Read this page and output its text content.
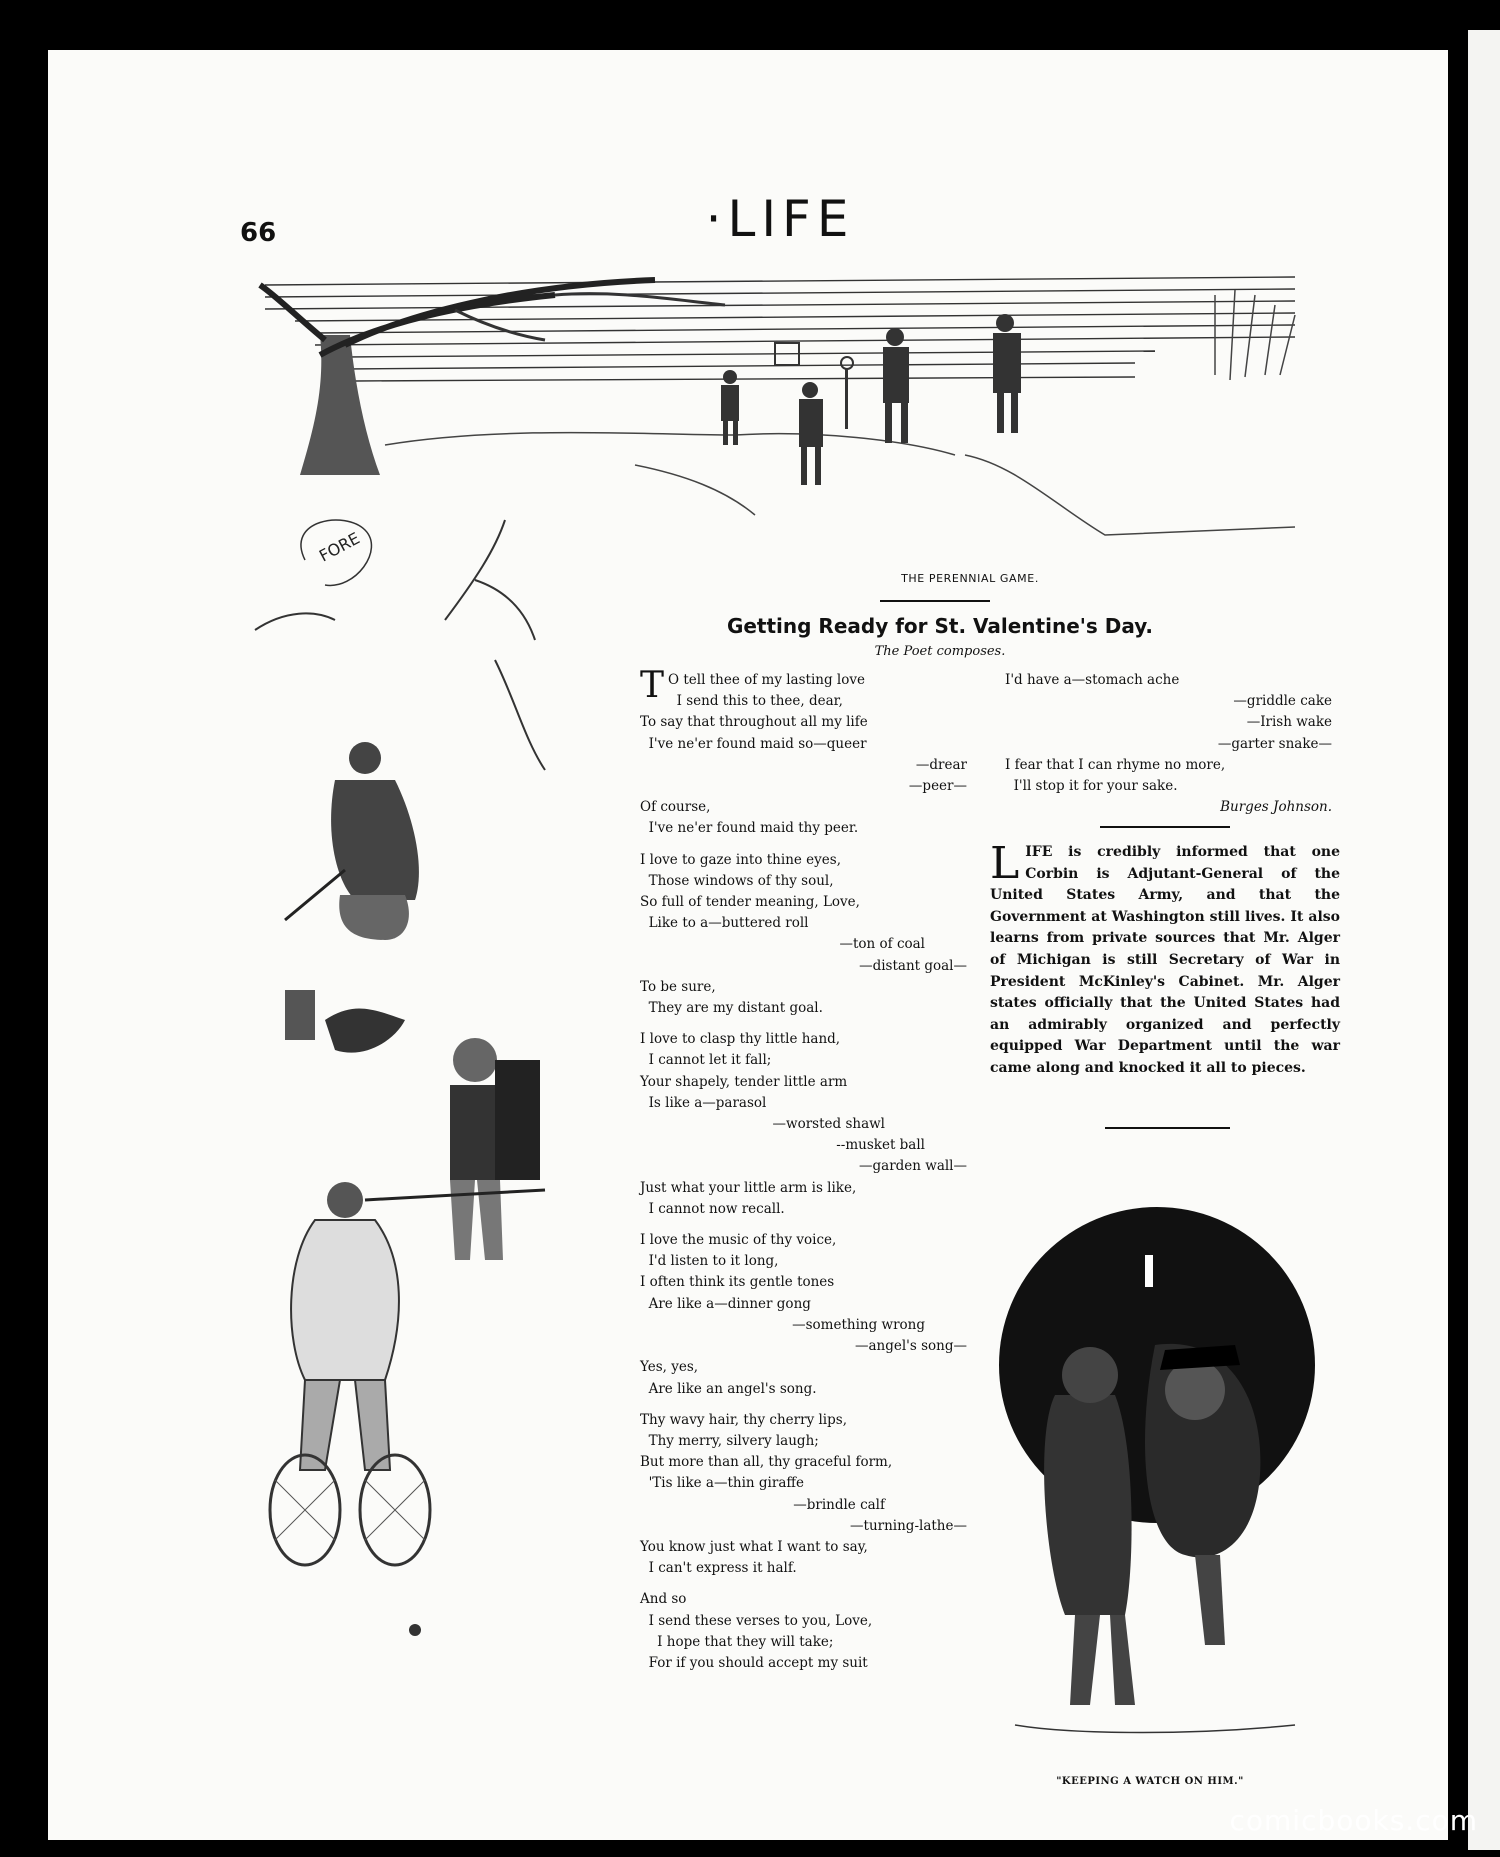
66	·LIFE
THE PERENNIAL GAME.
FORE
Getting Ready for St. Valentine's Day.
The Poet composes.
T O tell thee of my lasting love
I send this to thee, dear,
To say that throughout all my life
I've ne'er found maid so—queer
—drear
—peer—
Of course,
I've ne'er found maid thy peer.
I love to gaze into thine eyes,
Those windows of thy soul,
So full of tender meaning, Love,
Like to a—buttered roll
—ton of coal
—distant goal—
To be sure,
They are my distant goal.
I love to clasp thy little hand,
I cannot let it fall;
Your shapely, tender little arm
Is like a—parasol
—worsted shawl
--musket ball
—garden wall—
Just what your little arm is like,
I cannot now recall.
I love the music of thy voice,
I'd listen to it long,
I often think its gentle tones
Are like a—dinner gong
—something wrong
—angel's song—
Yes, yes,
Are like an angel's song.
Thy wavy hair, thy cherry lips,
Thy merry, silvery laugh;
But more than all, thy graceful form,
'Tis like a—thin giraffe
—brindle calf
—turning-lathe—
You know just what I want to say,
I can't express it half.
And so
I send these verses to you, Love,
I hope that they will take;
For if you should accept my suit
I'd have a—stomach ache
—griddle cake
—Irish wake
—garter snake—
I fear that I can rhyme no more,
I'll stop it for your sake.
Burges Johnson.
LIFE is credibly informed that one Corbin is Adjutant-General of the United States Army, and that the Government at Washington still lives. It also learns from private sources that Mr. Alger of Michigan is still Secretary of War in President McKinley's Cabinet. Mr. Alger states officially that the United States had an admirably organized and perfectly equipped War Department until the war came along and knocked it all to pieces.
"KEEPING A WATCH ON HIM."
comicbooks.com
